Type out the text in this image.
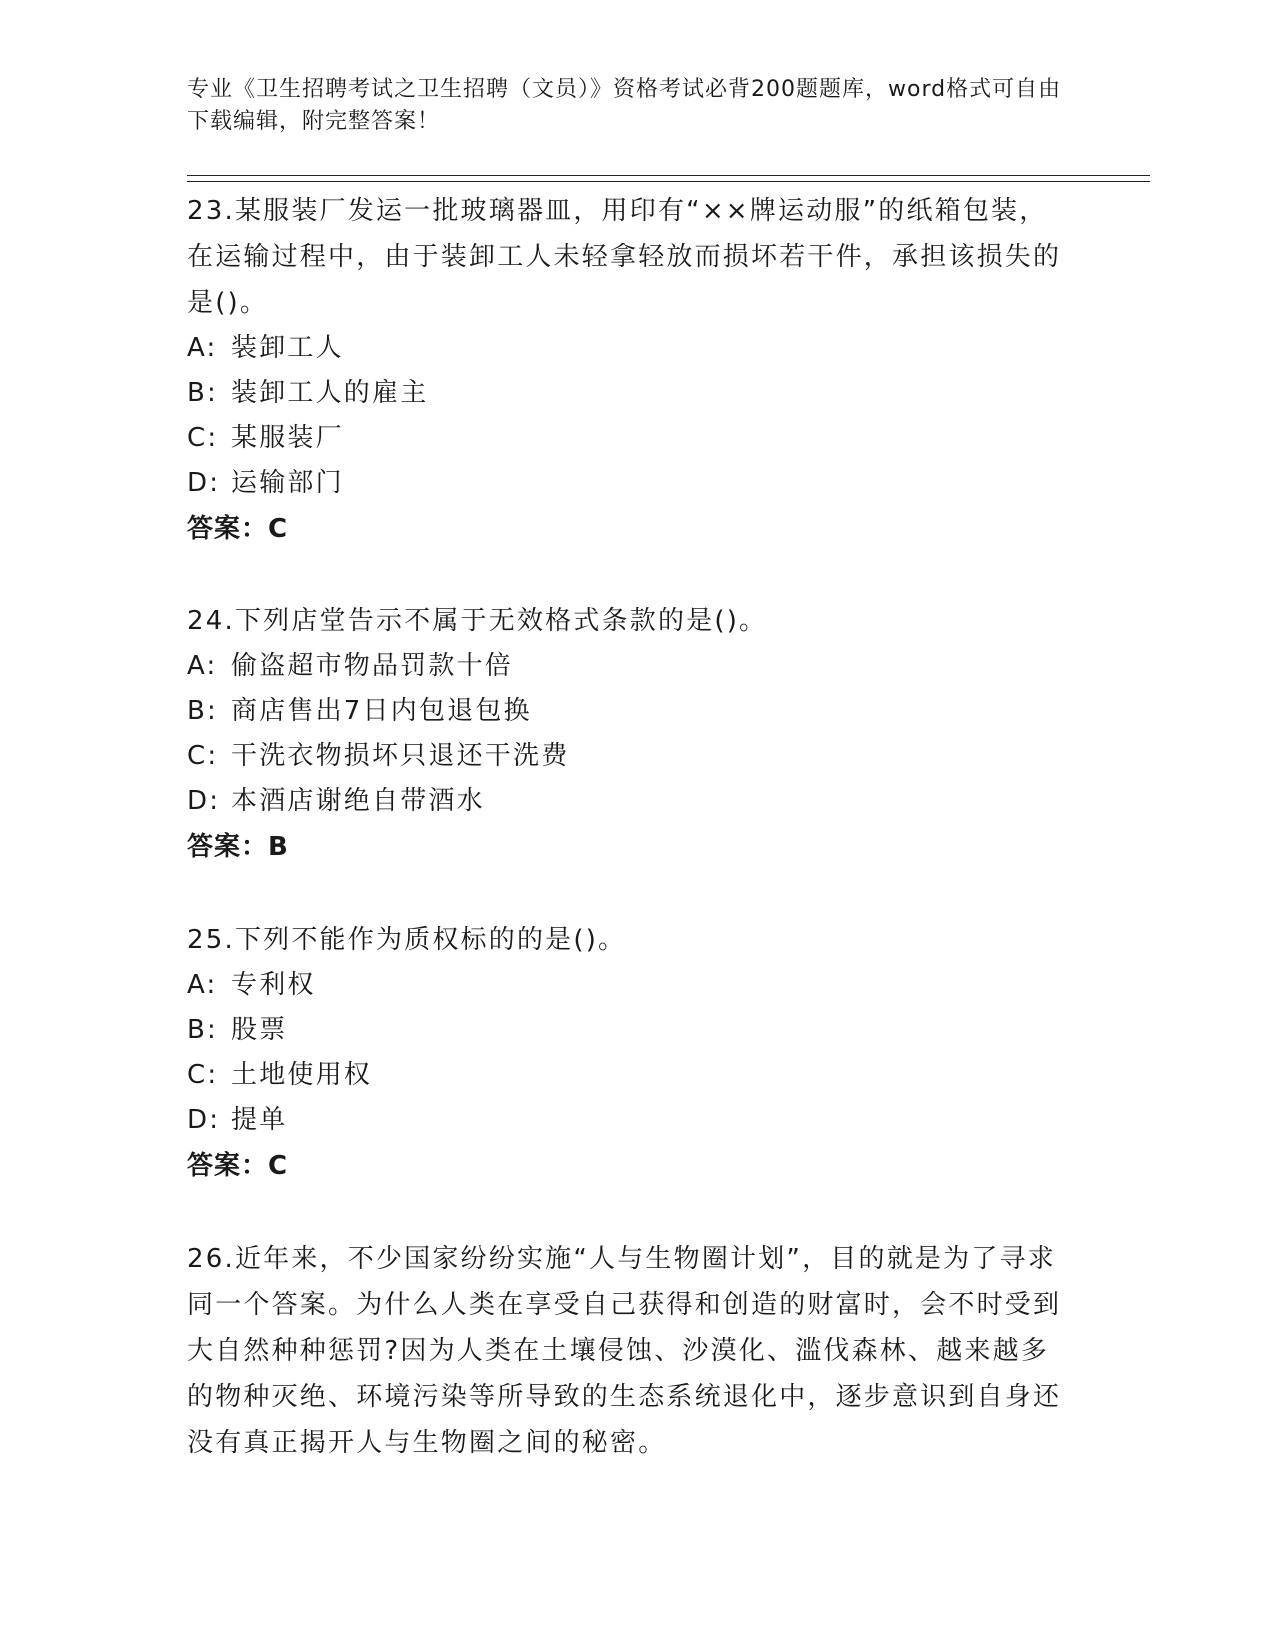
专业《卫生招聘考试之卫生招聘（文员）》资格考试必背200题题库，word格式可自由下载编辑，附完整答案！

23.某服装厂发运一批玻璃器皿，用印有“××牌运动服”的纸箱包装，在运输过程中，由于装卸工人未轻拿轻放而损坏若干件，承担该损失的是()。

A: 装卸工人

B: 装卸工人的雇主

C: 某服装厂

D: 运输部门

答案：C

24.下列店堂告示不属于无效格式条款的是()。

A: 偷盗超市物品罚款十倍

B: 商店售出7日内包退包换

C: 干洗衣物损坏只退还干洗费

D: 本酒店谢绝自带酒水

答案：B

25.下列不能作为质权标的的是()。

A: 专利权

B: 股票

C: 土地使用权

D: 提单

答案：C

26.近年来，不少国家纷纷实施“人与生物圈计划”，目的就是为了寻求同一个答案。为什么人类在享受自己获得和创造的财富时，会不时受到大自然种种惩罚?因为人类在土壤侵蚀、沙漠化、滥伐森林、越来越多的物种灭绝、环境污染等所导致的生态系统退化中，逐步意识到自身还没有真正揭开人与生物圈之间的秘密。
